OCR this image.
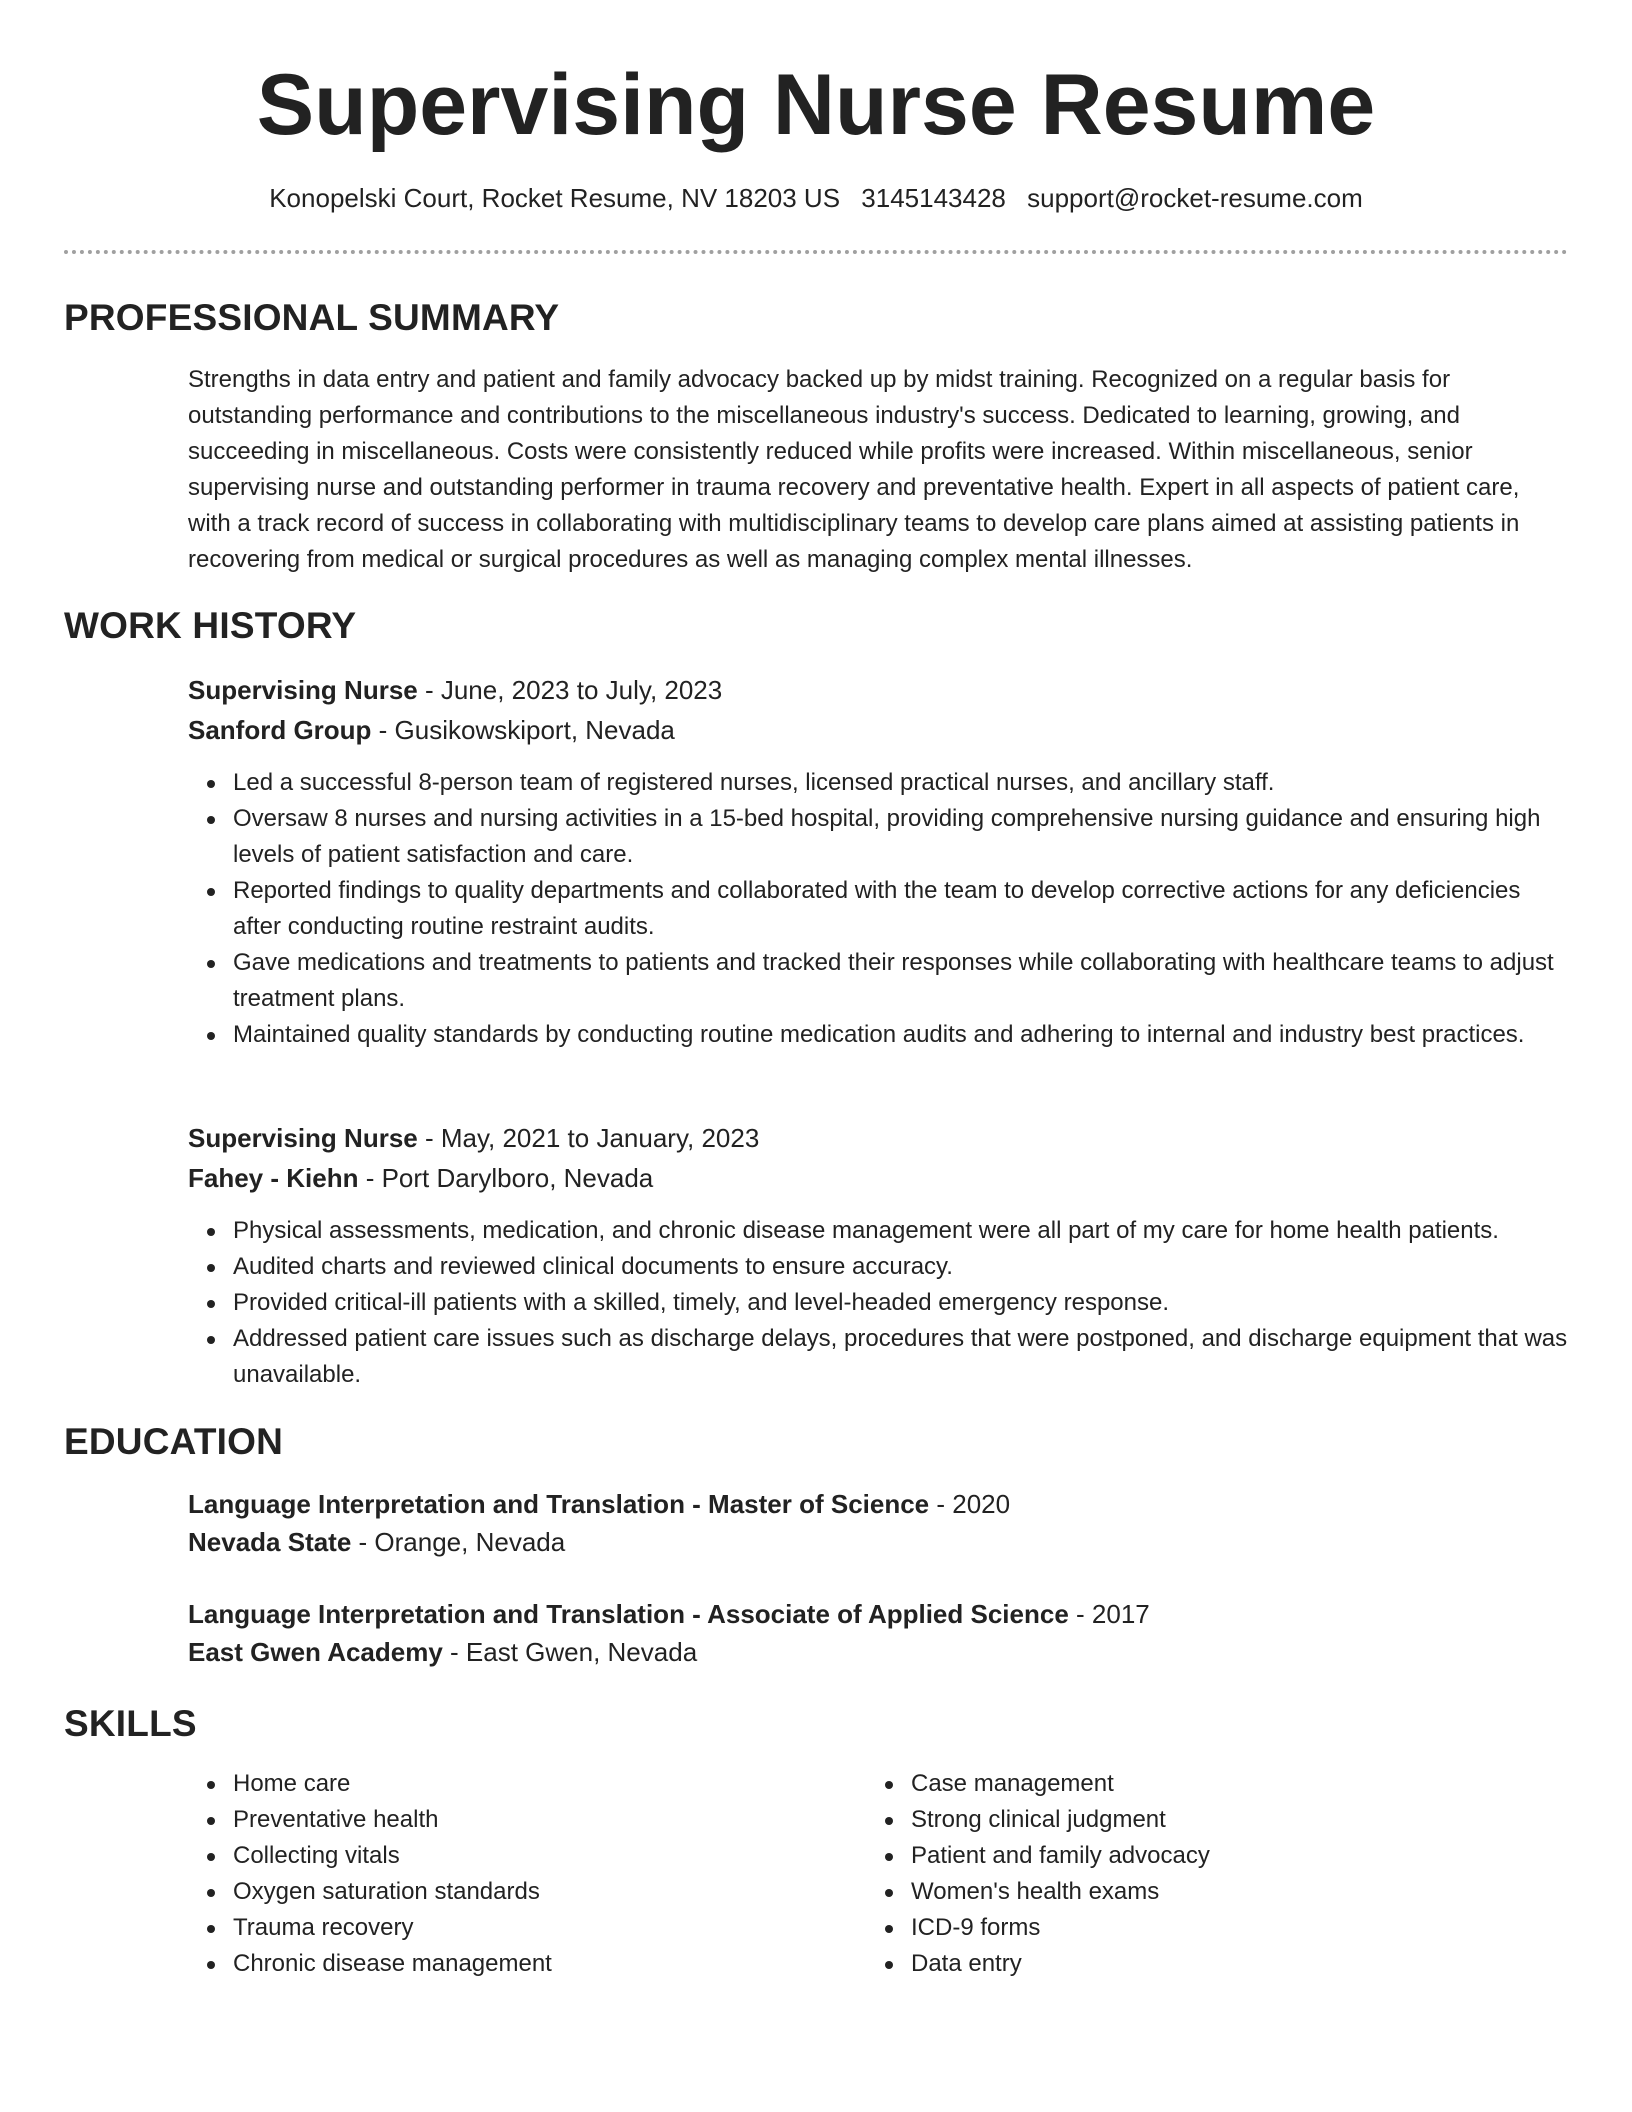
Supervising Nurse Resume
Konopelski Court, Rocket Resume, NV 18203 US 3145143428 support@rocket-resume.com
PROFESSIONAL SUMMARY

Strengths in data entry and patient and family advocacy backed up by midst training. Recognized on a regular basis for outstanding performance and contributions to the miscellaneous industry's success. Dedicated to learning, growing, and succeeding in miscellaneous. Costs were consistently reduced while profits were increased. Within miscellaneous, senior supervising nurse and outstanding performer in trauma recovery and preventative health. Expert in all aspects of patient care, with a track record of success in collaborating with multidisciplinary teams to develop care plans aimed at assisting patients in recovering from medical or surgical procedures as well as managing complex mental illnesses.

WORK HISTORY
Supervising Nurse - June, 2023 to July, 2023
Sanford Group - Gusikowskiport, Nevada
Led a successful 8-person team of registered nurses, licensed practical nurses, and ancillary staff.
Oversaw 8 nurses and nursing activities in a 15-bed hospital, providing comprehensive nursing guidance and ensuring high levels of patient satisfaction and care.
Reported findings to quality departments and collaborated with the team to develop corrective actions for any deficiencies after conducting routine restraint audits.
Gave medications and treatments to patients and tracked their responses while collaborating with healthcare teams to adjust treatment plans.
Maintained quality standards by conducting routine medication audits and adhering to internal and industry best practices.
Supervising Nurse - May, 2021 to January, 2023
Fahey - Kiehn - Port Darylboro, Nevada
Physical assessments, medication, and chronic disease management were all part of my care for home health patients.
Audited charts and reviewed clinical documents to ensure accuracy.
Provided critical-ill patients with a skilled, timely, and level-headed emergency response.
Addressed patient care issues such as discharge delays, procedures that were postponed, and discharge equipment that was unavailable.
EDUCATION
Language Interpretation and Translation - Master of Science - 2020
Nevada State - Orange, Nevada
Language Interpretation and Translation - Associate of Applied Science - 2017
East Gwen Academy - East Gwen, Nevada
SKILLS
Home care
Preventative health
Collecting vitals
Oxygen saturation standards
Trauma recovery
Chronic disease management
Case management
Strong clinical judgment
Patient and family advocacy
Women's health exams
ICD-9 forms
Data entry
